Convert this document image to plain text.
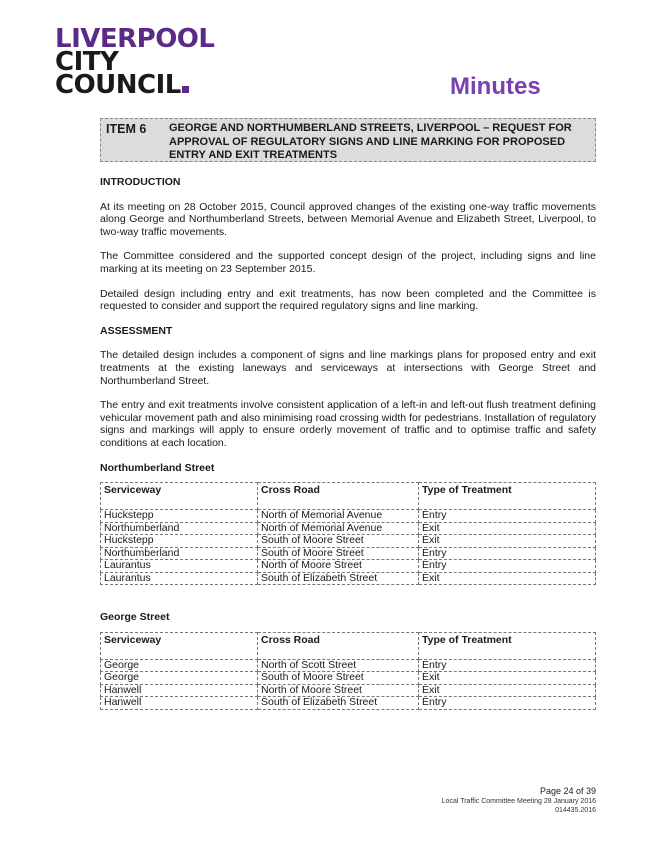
LIVERPOOL
CITY
COUNCIL	Minutes
ITEM 6 GEORGE AND NORTHUMBERLAND STREETS, LIVERPOOL – REQUEST FOR APPROVAL OF REGULATORY SIGNS AND LINE MARKING FOR PROPOSED ENTRY AND EXIT TREATMENTS
INTRODUCTION

At its meeting on 28 October 2015, Council approved changes of the existing one-way traffic movements along George and Northumberland Streets, between Memorial Avenue and Elizabeth Street, Liverpool, to two-way traffic movements.

The Committee considered and the supported concept design of the project, including signs and line marking at its meeting on 23 September 2015.

Detailed design including entry and exit treatments, has now been completed and the Committee is requested to consider and support the required regulatory signs and line marking.

ASSESSMENT

The detailed design includes a component of signs and line markings plans for proposed entry and exit treatments at the existing laneways and serviceways at intersections with George Street and Northumberland Street.

The entry and exit treatments involve consistent application of a left-in and left-out flush treatment defining vehicular movement path and also minimising road crossing width for pedestrians. Installation of regulatory signs and markings will apply to ensure orderly movement of traffic and to optimise traffic and safety conditions at each location.

Northumberland Street
Serviceway	Cross Road	Type of Treatment
Huckstepp	North of Memorial Avenue	Entry
Northumberland	North of Memorial Avenue	Exit
Huckstepp	South of Moore Street	Exit
Northumberland	South of Moore Street	Entry
Laurantus	North of Moore Street	Entry
Laurantus	South of Elizabeth Street	Exit
George Street
Serviceway	Cross Road	Type of Treatment
George	North of Scott Street	Entry
George	South of Moore Street	Exit
Hanwell	North of Moore Street	Exit
Hanwell	South of Elizabeth Street	Entry
Page 24 of 39
Local Traffic Committee Meeting 28 January 2016
014435.2016
